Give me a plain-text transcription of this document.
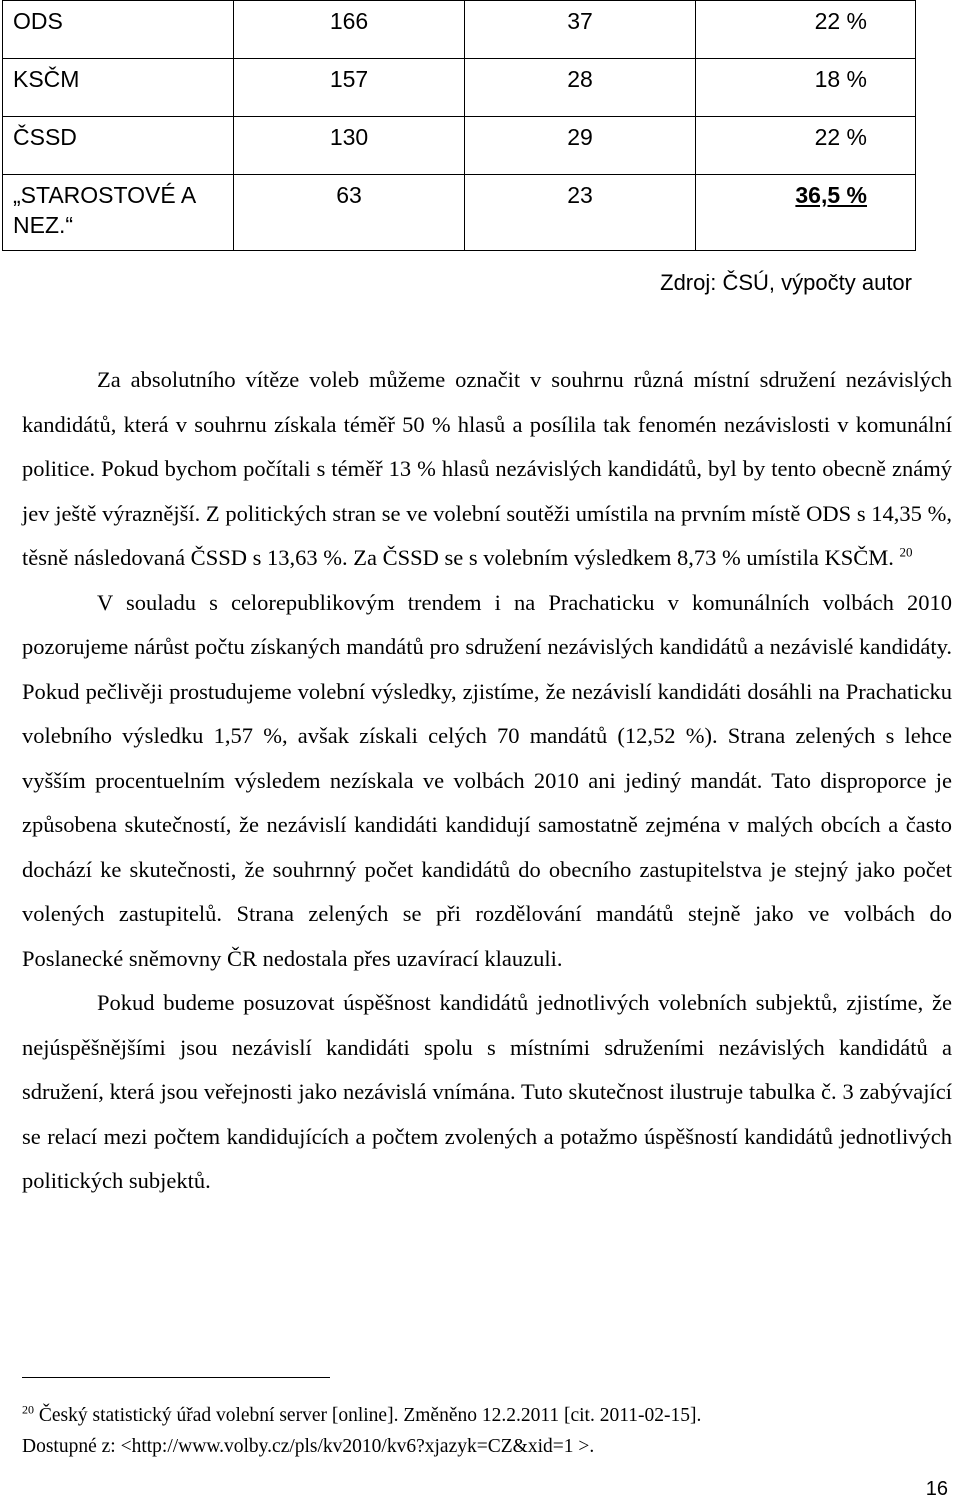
ODS	166	37	22 %

KSČM	157	28	18 %

ČSSD	130	29	22 %

„STAROSTOVÉ A NEZ.“	63	23	36,5 %
Zdroj: ČSÚ, výpočty autor

Za absolutního vítěze voleb můžeme označit v souhrnu různá místní sdružení nezávislých kandidátů, která v souhrnu získala téměř 50 % hlasů a posílila tak fenomén nezávislosti v komunální politice. Pokud bychom počítali s téměř 13 % hlasů nezávislých kandidátů, byl by tento obecně známý jev ještě výraznější. Z politických stran se ve volební soutěži umístila na prvním místě ODS s 14,35 %, těsně následovaná ČSSD s 13,63 %. Za ČSSD se s volebním výsledkem 8,73 % umístila KSČM. $^{20}$

V souladu s celorepublikovým trendem i na Prachaticku v komunálních volbách 2010 pozorujeme nárůst počtu získaných mandátů pro sdružení nezávislých kandidátů a nezávislé kandidáty. Pokud pečlivěji prostudujeme volební výsledky, zjistíme, že nezávislí kandidáti dosáhli na Prachaticku volebního výsledku 1,57 %, avšak získali celých 70 mandátů (12,52 %). Strana zelených s lehce vyšším procentuelním výsledem nezískala ve volbách 2010 ani jediný mandát. Tato disproporce je způsobena skutečností, že nezávislí kandidáti kandidují samostatně zejména v malých obcích a často dochází ke skutečnosti, že souhrnný počet kandidátů do obecního zastupitelstva je stejný jako počet volených zastupitelů. Strana zelených se při rozdělování mandátů stejně jako ve volbách do Poslanecké sněmovny ČR nedostala přes uzavírací klauzuli.

Pokud budeme posuzovat úspěšnost kandidátů jednotlivých volebních subjektů, zjistíme, že nejúspěšnějšími jsou nezávislí kandidáti spolu s místními sdruženími nezávislých kandidátů a sdružení, která jsou veřejnosti jako nezávislá vnímána. Tuto skutečnost ilustruje tabulka č. 3 zabývající se relací mezi počtem kandidujících a počtem zvolených a potažmo úspěšností kandidátů jednotlivých politických subjektů.

$^{20}$ Český statistický úřad volební server [online]. Změněno 12.2.2011 [cit. 2011-02-15].
Dostupné z: <http://www.volby.cz/pls/kv2010/kv6?xjazyk=CZ&xid=1 >.
16
